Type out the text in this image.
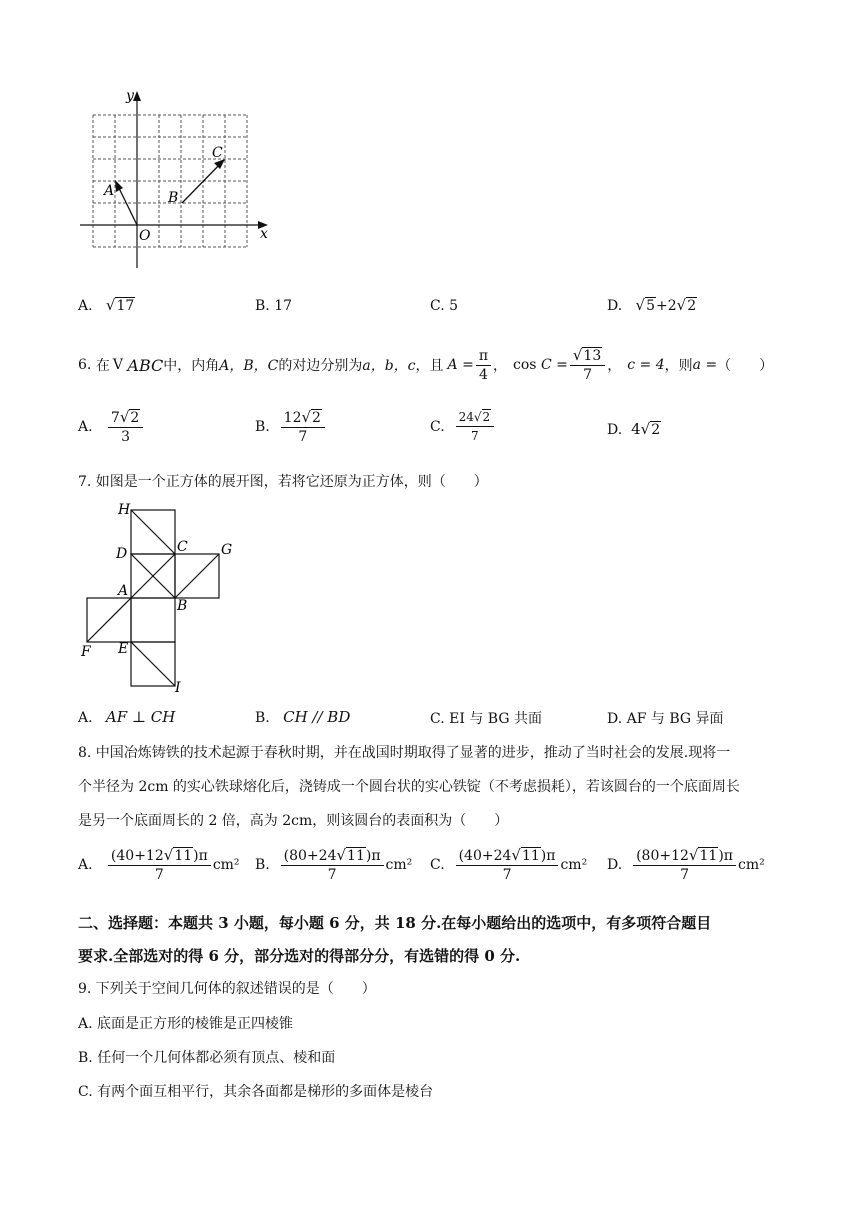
y
x
O
A	B
C
A. √17	B. 17	C. 5	D. √5+2√2
6.
在 V
ABC 中，内角 A，B，C 的对边分别为 a，b，c ，且 $A = \frac{\pi}{4}$ ， cos
$C = \frac{√13}{7}$ ， c = 4 ，则 a = （　　）
A.
$\frac{7√2}{3}$	B.
$\frac{12√2}{7}$	C.
$\frac{24√2}{7}$	D. 4√2
7. 如图是一个正方体的展开图，若将它还原为正方体，则（　　）
H
D	C G
A
B
F E
I
A. AF ⊥ CH	B. CH // BD	C. EI 与 BG 共面	D. AF 与 BG 异面
8. 中国冶炼铸铁的技术起源于春秋时期，并在战国时期取得了显著的进步，推动了当时社会的发展.现将一
个半径为 2cm 的实心铁球熔化后，浇铸成一个圆台状的实心铁锭（不考虑损耗），若该圆台的一个底面周长
是另一个底面周长的 2 倍，高为 2cm，则该圆台的表面积为（　　）
A.
$\frac{(40+12√11)\pi}{7} cm^2$ B.
$\frac{(80+24√11)\pi}{7} cm^2$ C.
$\frac{(40+24√11)\pi}{7} cm^2$ D.
$\frac{(80+12√11)\pi}{7} cm^2$
二、选择题：本题共 3 小题，每小题 6 分，共 18 分.在每小题给出的选项中，有多项符合题目
要求.全部选对的得 6 分，部分选对的得部分分，有选错的得 0 分.
9. 下列关于空间几何体的叙述错误的是（　　）
A. 底面是正方形的棱锥是正四棱锥
B. 任何一个几何体都必须有顶点、棱和面
C. 有两个面互相平行，其余各面都是梯形的多面体是棱台
